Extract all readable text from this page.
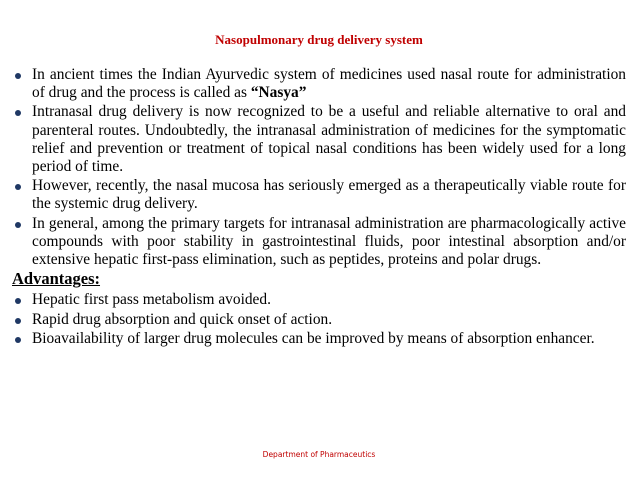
Nasopulmonary drug delivery system
In ancient times the Indian Ayurvedic system of medicines used nasal route for administration of drug and the process is called as “Nasya”
Intranasal drug delivery is now recognized to be a useful and reliable alternative to oral and parenteral routes. Undoubtedly, the intranasal administration of medicines for the symptomatic relief and prevention or treatment of topical nasal conditions has been widely used for a long period of time.
However, recently, the nasal mucosa has seriously emerged as a therapeutically viable route for the systemic drug delivery.
In general, among the primary targets for intranasal administration are pharmacologically active compounds with poor stability in gastrointestinal fluids, poor intestinal absorption and/or extensive hepatic first-pass elimination, such as peptides, proteins and polar drugs.
Advantages:
Hepatic first pass metabolism avoided.
Rapid drug absorption and quick onset of action.
Bioavailability of larger drug molecules can be improved by means of absorption enhancer.
Department of Pharmaceutics
